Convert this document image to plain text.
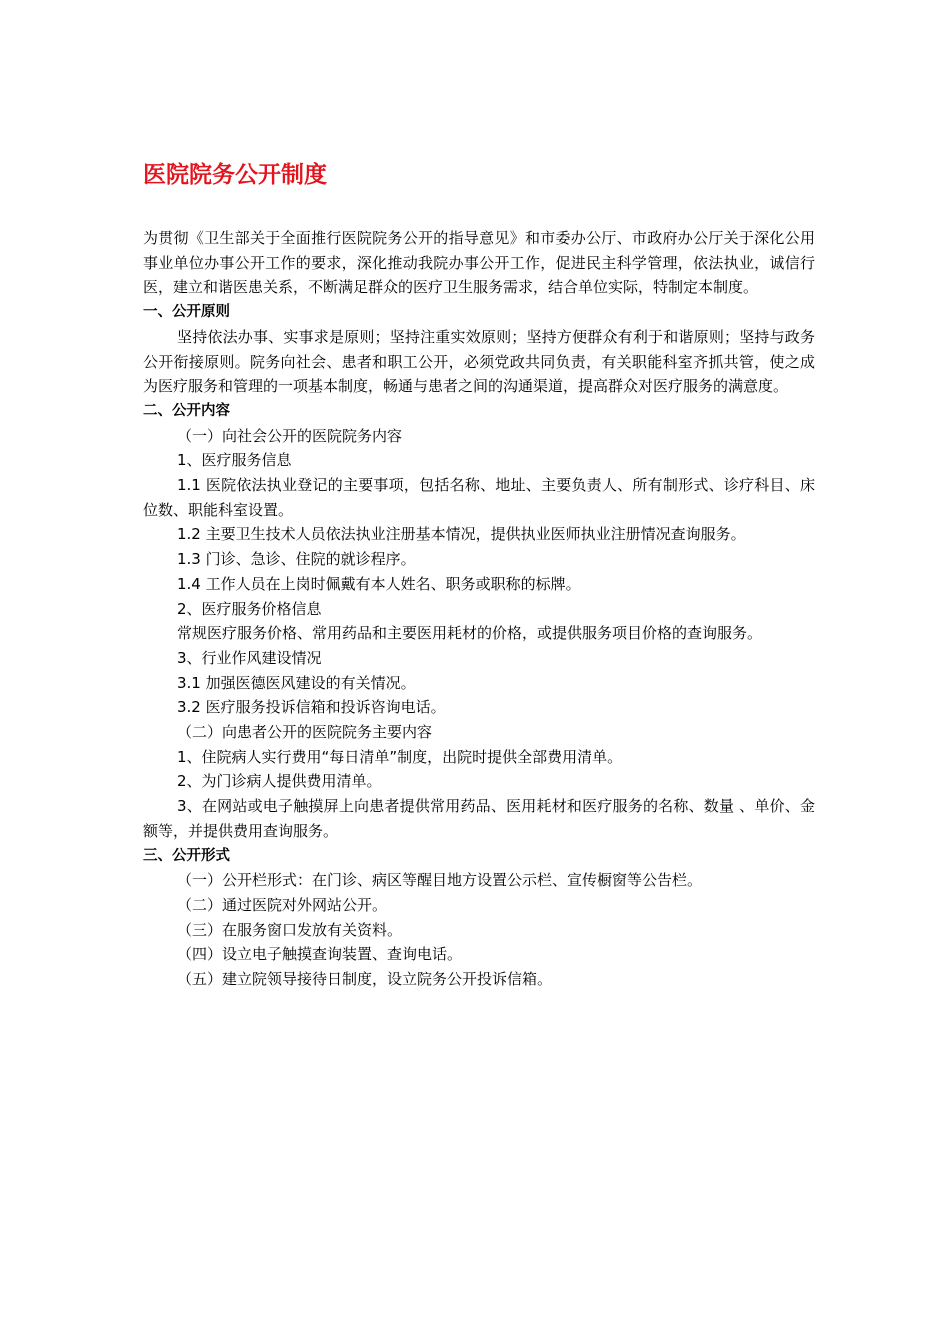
医院院务公开制度

为贯彻《卫生部关于全面推行医院院务公开的指导意见》和市委办公厅、市政府办公厅关于深化公用事业单位办事公开工作的要求，深化推动我院办事公开工作，促进民主科学管理，依法执业，诚信行医，建立和谐医患关系，不断满足群众的医疗卫生服务需求，结合单位实际，特制定本制度。

一、公开原则

坚持依法办事、实事求是原则；坚持注重实效原则；坚持方便群众有利于和谐原则；坚持与政务公开衔接原则。院务向社会、患者和职工公开，必须党政共同负责，有关职能科室齐抓共管，使之成为医疗服务和管理的一项基本制度，畅通与患者之间的沟通渠道，提高群众对医疗服务的满意度。

二、公开内容

（一）向社会公开的医院院务内容

1、医疗服务信息

1.1 医院依法执业登记的主要事项，包括名称、地址、主要负责人、所有制形式、诊疗科目、床位数、职能科室设置。

1.2 主要卫生技术人员依法执业注册基本情况，提供执业医师执业注册情况查询服务。

1.3 门诊、急诊、住院的就诊程序。

1.4 工作人员在上岗时佩戴有本人姓名、职务或职称的标牌。

2、医疗服务价格信息

常规医疗服务价格、常用药品和主要医用耗材的价格，或提供服务项目价格的查询服务。

3、行业作风建设情况

3.1 加强医德医风建设的有关情况。

3.2 医疗服务投诉信箱和投诉咨询电话。

（二）向患者公开的医院院务主要内容

1、住院病人实行费用“每日清单”制度，出院时提供全部费用清单。

2、为门诊病人提供费用清单。

3、在网站或电子触摸屏上向患者提供常用药品、医用耗材和医疗服务的名称、数量 、单价、金额等，并提供费用查询服务。

三、公开形式

（一）公开栏形式：在门诊、病区等醒目地方设置公示栏、宣传橱窗等公告栏。

（二）通过医院对外网站公开。

（三）在服务窗口发放有关资料。

（四）设立电子触摸查询装置、查询电话。

（五）建立院领导接待日制度，设立院务公开投诉信箱。
